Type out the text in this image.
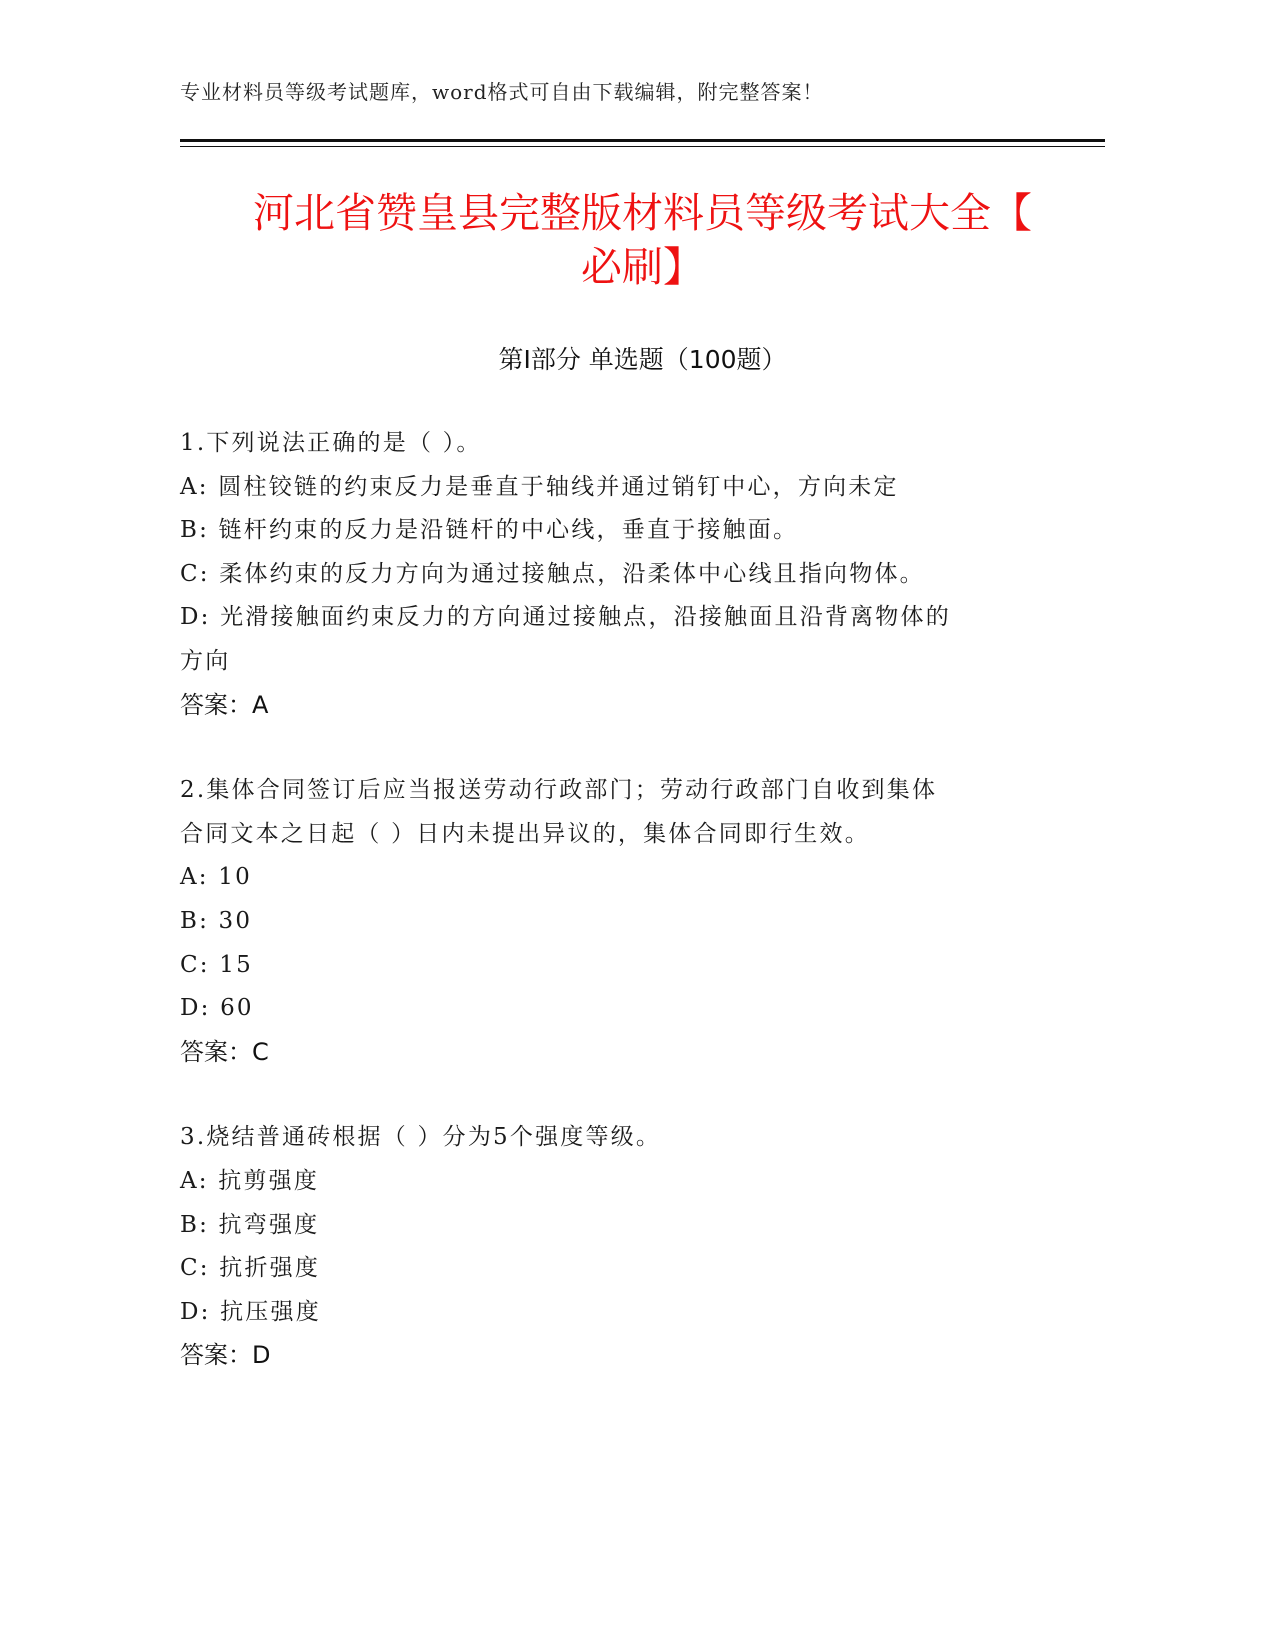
专业材料员等级考试题库，word格式可自由下载编辑，附完整答案！
河北省赞皇县完整版材料员等级考试大全【
必刷】
第Ⅰ部分 单选题（100题）
1.下列说法正确的是（ ）。
A: 圆柱铰链的约束反力是垂直于轴线并通过销钉中心，方向未定
B: 链杆约束的反力是沿链杆的中心线，垂直于接触面。
C: 柔体约束的反力方向为通过接触点，沿柔体中心线且指向物体。
D: 光滑接触面约束反力的方向通过接触点，沿接触面且沿背离物体的
方向
答案：A
2.集体合同签订后应当报送劳动行政部门；劳动行政部门自收到集体
合同文本之日起（ ）日内未提出异议的，集体合同即行生效。
A: 10
B: 30
C: 15
D: 60
答案：C
3.烧结普通砖根据（ ）分为5个强度等级。
A: 抗剪强度
B: 抗弯强度
C: 抗折强度
D: 抗压强度
答案：D
